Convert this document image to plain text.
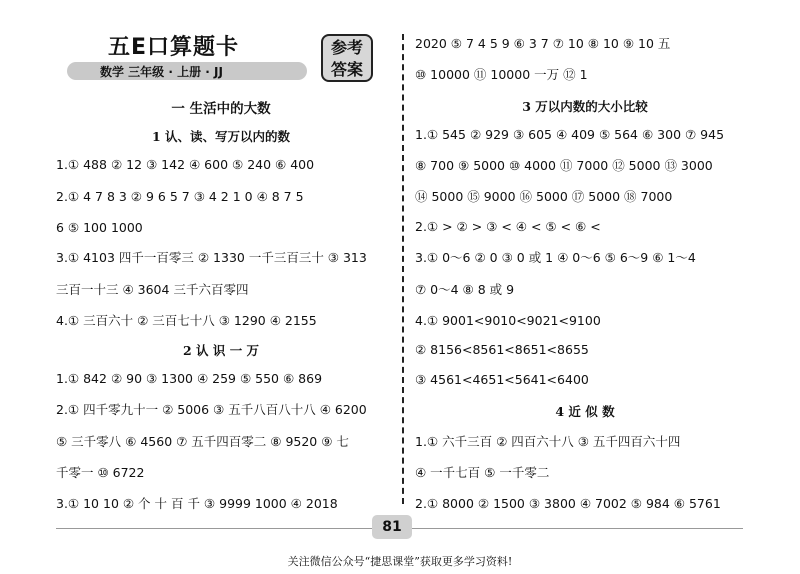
五E口算题卡
数学 三年级 · 上册 · JJ
参考
答案
一 生活中的大数
1 认、读、写万以内的数
1.① 488 ② 12 ③ 142 ④ 600 ⑤ 240 ⑥ 400
2.① 4 7 8 3 ② 9 6 5 7 ③ 4 2 1 0 ④ 8 7 5
6 ⑤ 100 1000
3.① 4103 四千一百零三 ② 1330 一千三百三十 ③ 313
三百一十三 ④ 3604 三千六百零四
4.① 三百六十 ② 三百七十八 ③ 1290 ④ 2155
2 认 识 一 万
1.① 842 ② 90 ③ 1300 ④ 259 ⑤ 550 ⑥ 869
2.① 四千零九十一 ② 5006 ③ 五千八百八十八 ④ 6200
⑤ 三千零八 ⑥ 4560 ⑦ 五千四百零二 ⑧ 9520 ⑨ 七
千零一 ⑩ 6722
3.① 10 10 ② 个 十 百 千 ③ 9999 1000 ④ 2018
2020 ⑤ 7 4 5 9 ⑥ 3 7 ⑦ 10 ⑧ 10 ⑨ 10 五
⑩ 10000 ⑪ 10000 一万 ⑫ 1
3 万以内数的大小比较
1.① 545 ② 929 ③ 605 ④ 409 ⑤ 564 ⑥ 300 ⑦ 945
⑧ 700 ⑨ 5000 ⑩ 4000 ⑪ 7000 ⑫ 5000 ⑬ 3000
⑭ 5000 ⑮ 9000 ⑯ 5000 ⑰ 5000 ⑱ 7000
2.① > ② > ③ < ④ < ⑤ < ⑥ <
3.① 0～6 ② 0 ③ 0 或 1 ④ 0～6 ⑤ 6～9 ⑥ 1～4
⑦ 0～4 ⑧ 8 或 9
4.① 9001<9010<9021<9100
② 8156<8561<8651<8655
③ 4561<4651<5641<6400
4 近 似 数
1.① 六千三百 ② 四百六十八 ③ 五千四百六十四
④ 一千七百 ⑤ 一千零二
2.① 8000 ② 1500 ③ 3800 ④ 7002 ⑤ 984 ⑥ 5761
81
关注微信公众号“捷思课堂”获取更多学习资料!
